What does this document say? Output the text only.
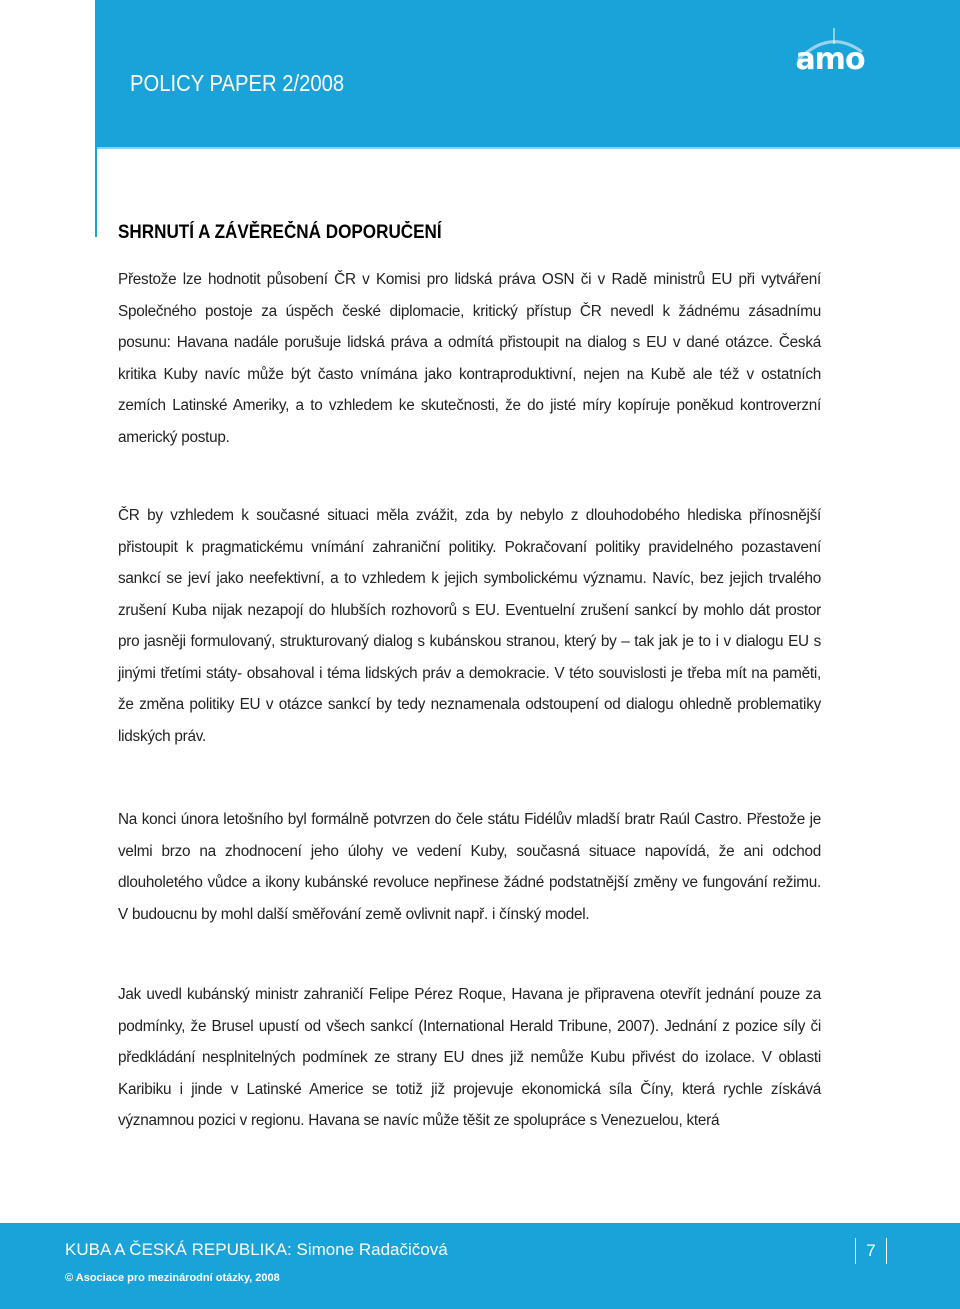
POLICY PAPER 2/2008
amo
SHRNUTÍ A ZÁVĚREČNÁ DOPORUČENÍ

Přestože lze hodnotit působení ČR v Komisi pro lidská práva OSN či v Radě ministrů EU při vytváření Společného postoje za úspěch české diplomacie, kritický přístup ČR nevedl k žádnému zásadnímu posunu: Havana nadále porušuje lidská práva a odmítá přistoupit na dialog s EU v dané otázce. Česká kritika Kuby navíc může být často vnímána jako kontraproduktivní, nejen na Kubě ale též v ostatních zemích Latinské Ameriky, a to vzhledem ke skutečnosti, že do jisté míry kopíruje poněkud kontroverzní americký postup.

ČR by vzhledem k současné situaci měla zvážit, zda by nebylo z dlouhodobého hlediska přínosnější přistoupit k pragmatickému vnímání zahraniční politiky. Pokračovaní politiky pravidelného pozastavení sankcí se jeví jako neefektivní, a to vzhledem k jejich symbolickému významu. Navíc, bez jejich trvalého zrušení Kuba nijak nezapojí do hlubších rozhovorů s EU. Eventuelní zrušení sankcí by mohlo dát prostor pro jasněji formulovaný, strukturovaný dialog s kubánskou stranou, který by – tak jak je to i v dialogu EU s jinými třetími státy- obsahoval i téma lidských práv a demokracie. V této souvislosti je třeba mít na paměti, že změna politiky EU v otázce sankcí by tedy neznamenala odstoupení od dialogu ohledně problematiky lidských práv.

Na konci února letošního byl formálně potvrzen do čele státu Fidélův mladší bratr Raúl Castro. Přestože je velmi brzo na zhodnocení jeho úlohy ve vedení Kuby, současná situace napovídá, že ani odchod dlouholetého vůdce a ikony kubánské revoluce nepřinese žádné podstatnější změny ve fungování režimu. V budoucnu by mohl další směřování země ovlivnit např. i čínský model.

Jak uvedl kubánský ministr zahraničí Felipe Pérez Roque, Havana je připravena otevřít jednání pouze za podmínky, že Brusel upustí od všech sankcí (International Herald Tribune, 2007). Jednání z pozice síly či předkládání nesplnitelných podmínek ze strany EU dnes již nemůže Kubu přivést do izolace. V oblasti Karibiku i jinde v Latinské Americe se totiž již projevuje ekonomická síla Číny, která rychle získává významnou pozici v regionu. Havana se navíc může těšit ze spolupráce s Venezuelou, která

KUBA A ČESKÁ REPUBLIKA: Simone Radačičová
© Asociace pro mezinárodní otázky, 2008
7
